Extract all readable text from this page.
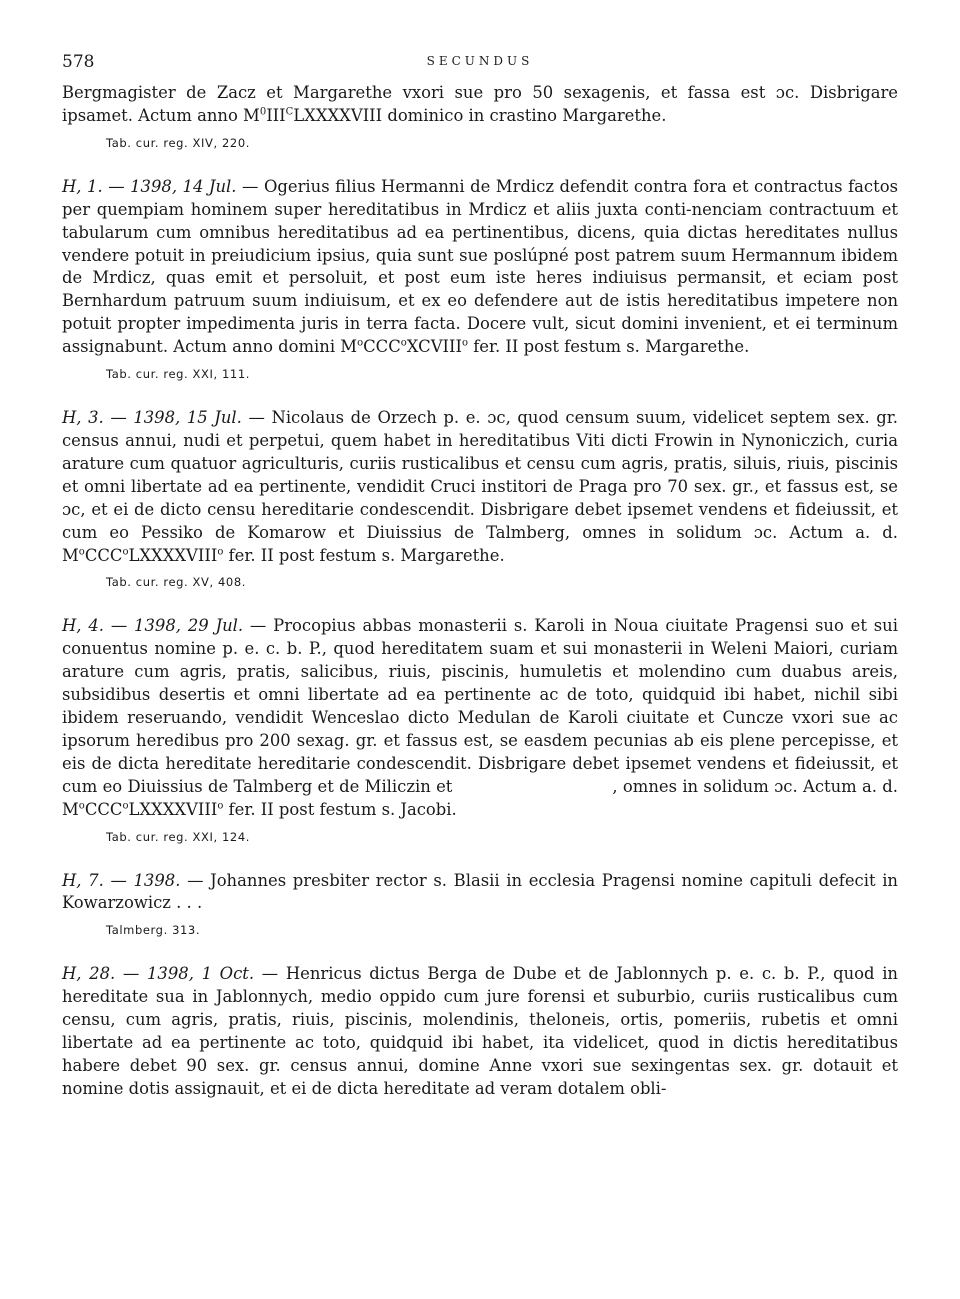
578	SECUNDUS

Bergmagister de Zacz et Margarethe vxori sue pro 50 sexagenis, et fassa est ɔc. Disbrigare ipsamet. Actum anno $M^0III^CLXXXXVIII$ dominico in crastino Margarethe.

Tab. cur. reg. XIV, 220.

H, 1. — 1398, 14 Jul. — Ogerius filius Hermanni de Mrdicz defendit contra fora et contractus factos per quempiam hominem super hereditatibus in Mrdicz et aliis juxta conti-nenciam contractuum et tabularum cum omnibus hereditatibus ad ea pertinentibus, dicens, quia dictas hereditates nullus vendere potuit in preiudicium ipsius, quia sunt sue poslúpné post patrem suum Hermannum ibidem de Mrdicz, quas emit et persoluit, et post eum iste heres indiuisus permansit, et eciam post Bernhardum patruum suum indiuisum, et ex eo defendere aut de istis hereditatibus impetere non potuit propter impedimenta juris in terra facta. Docere vult, sicut domini invenient, et ei terminum assignabunt. Actum anno domini $M^oCCC^oXCVIII^o$ fer. II post festum s. Margarethe.

Tab. cur. reg. XXI, 111.

H, 3. — 1398, 15 Jul. — Nicolaus de Orzech p. e. ɔc, quod censum suum, videlicet septem sex. gr. census annui, nudi et perpetui, quem habet in hereditatibus Viti dicti Frowin in Nynoniczich, curia arature cum quatuor agriculturis, curiis rusticalibus et censu cum agris, pratis, siluis, riuis, piscinis et omni libertate ad ea pertinente, vendidit Cruci institori de Praga pro 70 sex. gr., et fassus est, se ɔc, et ei de dicto censu hereditarie condescendit. Disbrigare debet ipsemet vendens et fideiussit, et cum eo Pessiko de Komarow et Diuissius de Talmberg, omnes in solidum ɔc. Actum a. d. $M^oCCC^oLXXXXVIII^o$ fer. II post festum s. Margarethe.

Tab. cur. reg. XV, 408.

H, 4. — 1398, 29 Jul. — Procopius abbas monasterii s. Karoli in Noua ciuitate Pragensi suo et sui conuentus nomine p. e. c. b. P., quod hereditatem suam et sui monasterii in Weleni Maiori, curiam arature cum agris, pratis, salicibus, riuis, piscinis, humuletis et molendino cum duabus areis, subsidibus desertis et omni libertate ad ea pertinente ac de toto, quidquid ibi habet, nichil sibi ibidem reseruando, vendidit Wenceslao dicto Medulan de Karoli ciuitate et Cuncze vxori sue ac ipsorum heredibus pro 200 sexag. gr. et fassus est, se easdem pecunias ab eis plene percepisse, et eis de dicta hereditate hereditarie condescendit. Disbrigare debet ipsemet vendens et fideiussit, et cum eo Diuissius de Talmberg et de Miliczin et	, omnes in solidum ɔc. Actum a. d. $M^oCCC^oLXXXXVIII^o$ fer. II post festum s. Jacobi.

Tab. cur. reg. XXI, 124.

H, 7. — 1398. — Johannes presbiter rector s. Blasii in ecclesia Pragensi nomine capituli defecit in Kowarzowicz . . .

Talmberg. 313.

H, 28. — 1398, 1 Oct. — Henricus dictus Berga de Dube et de Jablonnych p. e. c. b. P., quod in hereditate sua in Jablonnych, medio oppido cum jure forensi et suburbio, curiis rusticalibus cum censu, cum agris, pratis, riuis, piscinis, molendinis, theloneis, ortis, pomeriis, rubetis et omni libertate ad ea pertinente ac toto, quidquid ibi habet, ita videlicet, quod in dictis hereditatibus habere debet 90 sex. gr. census annui, domine Anne vxori sue sexingentas sex. gr. dotauit et nomine dotis assignauit, et ei de dicta hereditate ad veram dotalem obli-
